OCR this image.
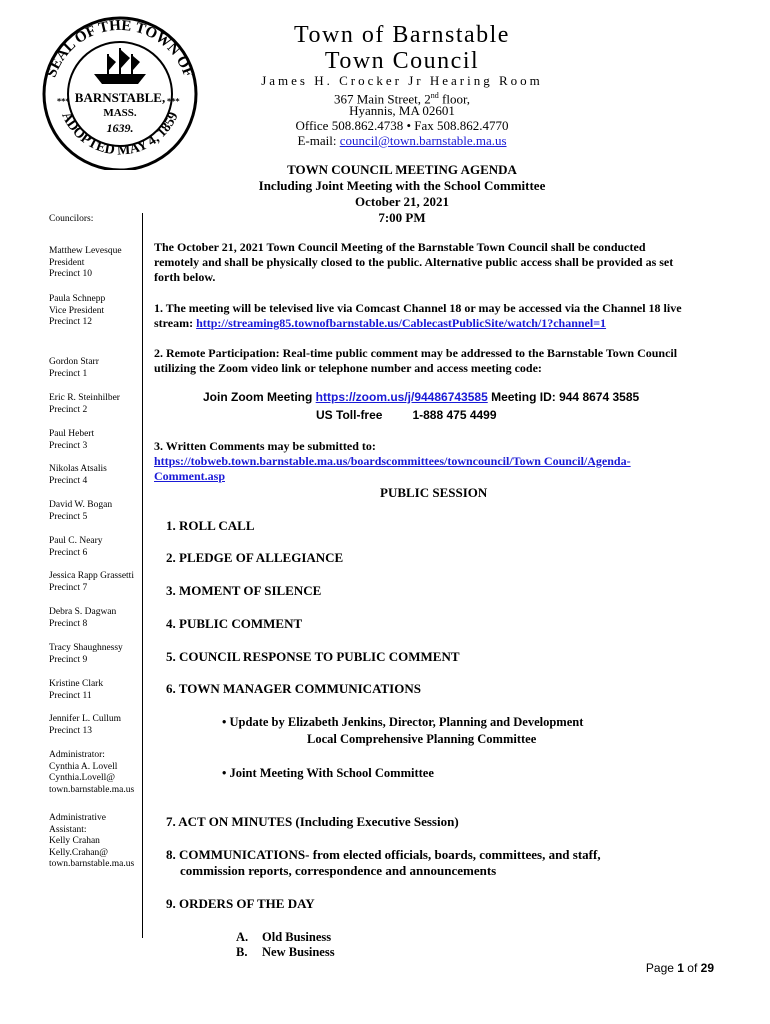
SEAL OF THE TOWN OF
ADOPTED MAY 4, 1859
***	***
BARNSTABLE,
MASS.
1639.
Town of Barnstable
Town Council
James H. Crocker Jr Hearing Room
367 Main Street, 2nd floor,
Hyannis, MA 02601
Office 508.862.4738 • Fax 508.862.4770
E-mail: council@town.barnstable.ma.us
TOWN COUNCIL MEETING AGENDA
Including Joint Meeting with the School Committee
October 21, 2021
7:00 PM
Councilors:
Matthew Levesque
President
Precinct 10
Paula Schnepp
Vice President
Precinct 12
Gordon Starr
Precinct 1
Eric R. Steinhilber
Precinct 2
Paul Hebert
Precinct 3
Nikolas Atsalis
Precinct 4
David W. Bogan
Precinct 5
Paul C. Neary
Precinct 6
Jessica Rapp Grassetti
Precinct 7
Debra S. Dagwan
Precinct 8
Tracy Shaughnessy
Precinct 9
Kristine Clark
Precinct 11
Jennifer L. Cullum
Precinct 13
Administrator:
Cynthia A. Lovell
Cynthia.Lovell@
town.barnstable.ma.us
Administrative
Assistant:
Kelly Crahan
Kelly.Crahan@
town.barnstable.ma.us
The October 21, 2021 Town Council Meeting of the Barnstable Town Council shall be conducted
remotely and shall be physically closed to the public. Alternative public access shall be provided as set
forth below.
1. The meeting will be televised live via Comcast Channel 18 or may be accessed via the Channel 18 live
stream: http://streaming85.townofbarnstable.us/CablecastPublicSite/watch/1?channel=1
2. Remote Participation: Real-time public comment may be addressed to the Barnstable Town Council
utilizing the Zoom video link or telephone number and access meeting code:
Join Zoom Meeting https://zoom.us/j/94486743585 Meeting ID: 944 8674 3585
US Toll-free	1-888 475 4499
3. Written Comments may be submitted to:
https://tobweb.town.barnstable.ma.us/boardscommittees/towncouncil/Town Council/Agenda-
Comment.asp
PUBLIC SESSION
1. ROLL CALL
2. PLEDGE OF ALLEGIANCE
3. MOMENT OF SILENCE
4. PUBLIC COMMENT
5. COUNCIL RESPONSE TO PUBLIC COMMENT
6. TOWN MANAGER COMMUNICATIONS
• Update by Elizabeth Jenkins, Director, Planning and Development
Local Comprehensive Planning Committee
• Joint Meeting With School Committee
7. ACT ON MINUTES (Including Executive Session)
8. COMMUNICATIONS- from elected officials, boards, committees, and staff,
commission reports, correspondence and announcements
9. ORDERS OF THE DAY
A. Old Business
B. New Business
Page 1 of 29
